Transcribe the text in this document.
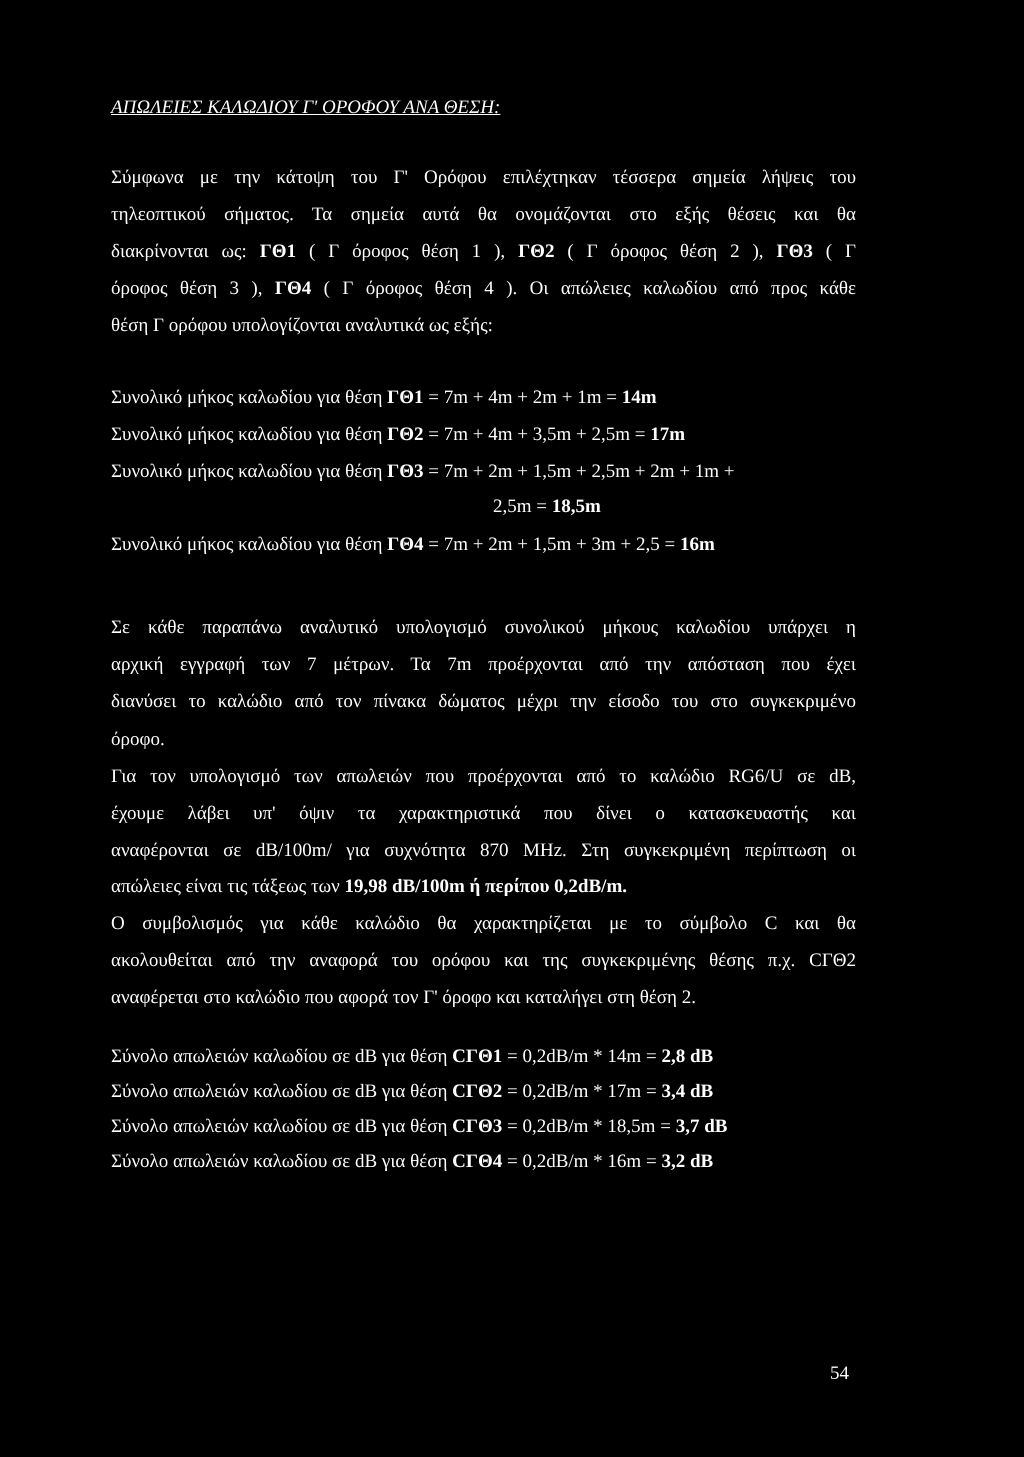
ΑΠΩΛΕΙΕΣ ΚΑΛΩΔΙΟΥ Γ' ΟΡΟΦΟΥ ΑΝΑ ΘΕΣΗ:
Σύμφωνα με την κάτοψη του Γ' Ορόφου επιλέχτηκαν τέσσερα σημεία λήψεις του
τηλεοπτικού σήματος. Τα σημεία αυτά θα ονομάζονται στο εξής θέσεις και θα
διακρίνονται ως: ΓΘ1 ( Γ όροφος θέση 1 ), ΓΘ2 ( Γ όροφος θέση 2 ), ΓΘ3 ( Γ
όροφος θέση 3 ), ΓΘ4 ( Γ όροφος θέση 4 ). Οι απώλειες καλωδίου από προς κάθε
θέση Γ ορόφου υπολογίζονται αναλυτικά ως εξής:
Συνολικό μήκος καλωδίου για θέση ΓΘ1 = 7m + 4m + 2m + 1m = 14m
Συνολικό μήκος καλωδίου για θέση ΓΘ2 = 7m + 4m + 3,5m + 2,5m = 17m
Συνολικό μήκος καλωδίου για θέση ΓΘ3 = 7m + 2m + 1,5m + 2,5m + 2m + 1m +
2,5m = 18,5m
Συνολικό μήκος καλωδίου για θέση ΓΘ4 = 7m + 2m + 1,5m + 3m + 2,5 = 16m
Σε κάθε παραπάνω αναλυτικό υπολογισμό συνολικού μήκους καλωδίου υπάρχει η
αρχική εγγραφή των 7 μέτρων. Τα 7m προέρχονται από την απόσταση που έχει
διανύσει το καλώδιο από τον πίνακα δώματος μέχρι την είσοδο του στο συγκεκριμένο
όροφο.
Για τον υπολογισμό των απωλειών που προέρχονται από το καλώδιο RG6/U σε dB,
έχουμε λάβει υπ' όψιν τα χαρακτηριστικά που δίνει ο κατασκευαστής και
αναφέρονται σε dB/100m/ για συχνότητα 870 MHz. Στη συγκεκριμένη περίπτωση οι
απώλειες είναι τις τάξεως των 19,98 dB/100m ή περίπου 0,2dB/m.
Ο συμβολισμός για κάθε καλώδιο θα χαρακτηρίζεται με το σύμβολο C και θα
ακολουθείται από την αναφορά του ορόφου και της συγκεκριμένης θέσης π.χ. CΓΘ2
αναφέρεται στο καλώδιο που αφορά τον Γ' όροφο και καταλήγει στη θέση 2.
Σύνολο απωλειών καλωδίου σε dB για θέση CΓΘ1 = 0,2dB/m * 14m = 2,8 dB
Σύνολο απωλειών καλωδίου σε dB για θέση CΓΘ2 = 0,2dB/m * 17m = 3,4 dB
Σύνολο απωλειών καλωδίου σε dB για θέση CΓΘ3 = 0,2dB/m * 18,5m = 3,7 dB
Σύνολο απωλειών καλωδίου σε dB για θέση CΓΘ4 = 0,2dB/m * 16m = 3,2 dB
54
